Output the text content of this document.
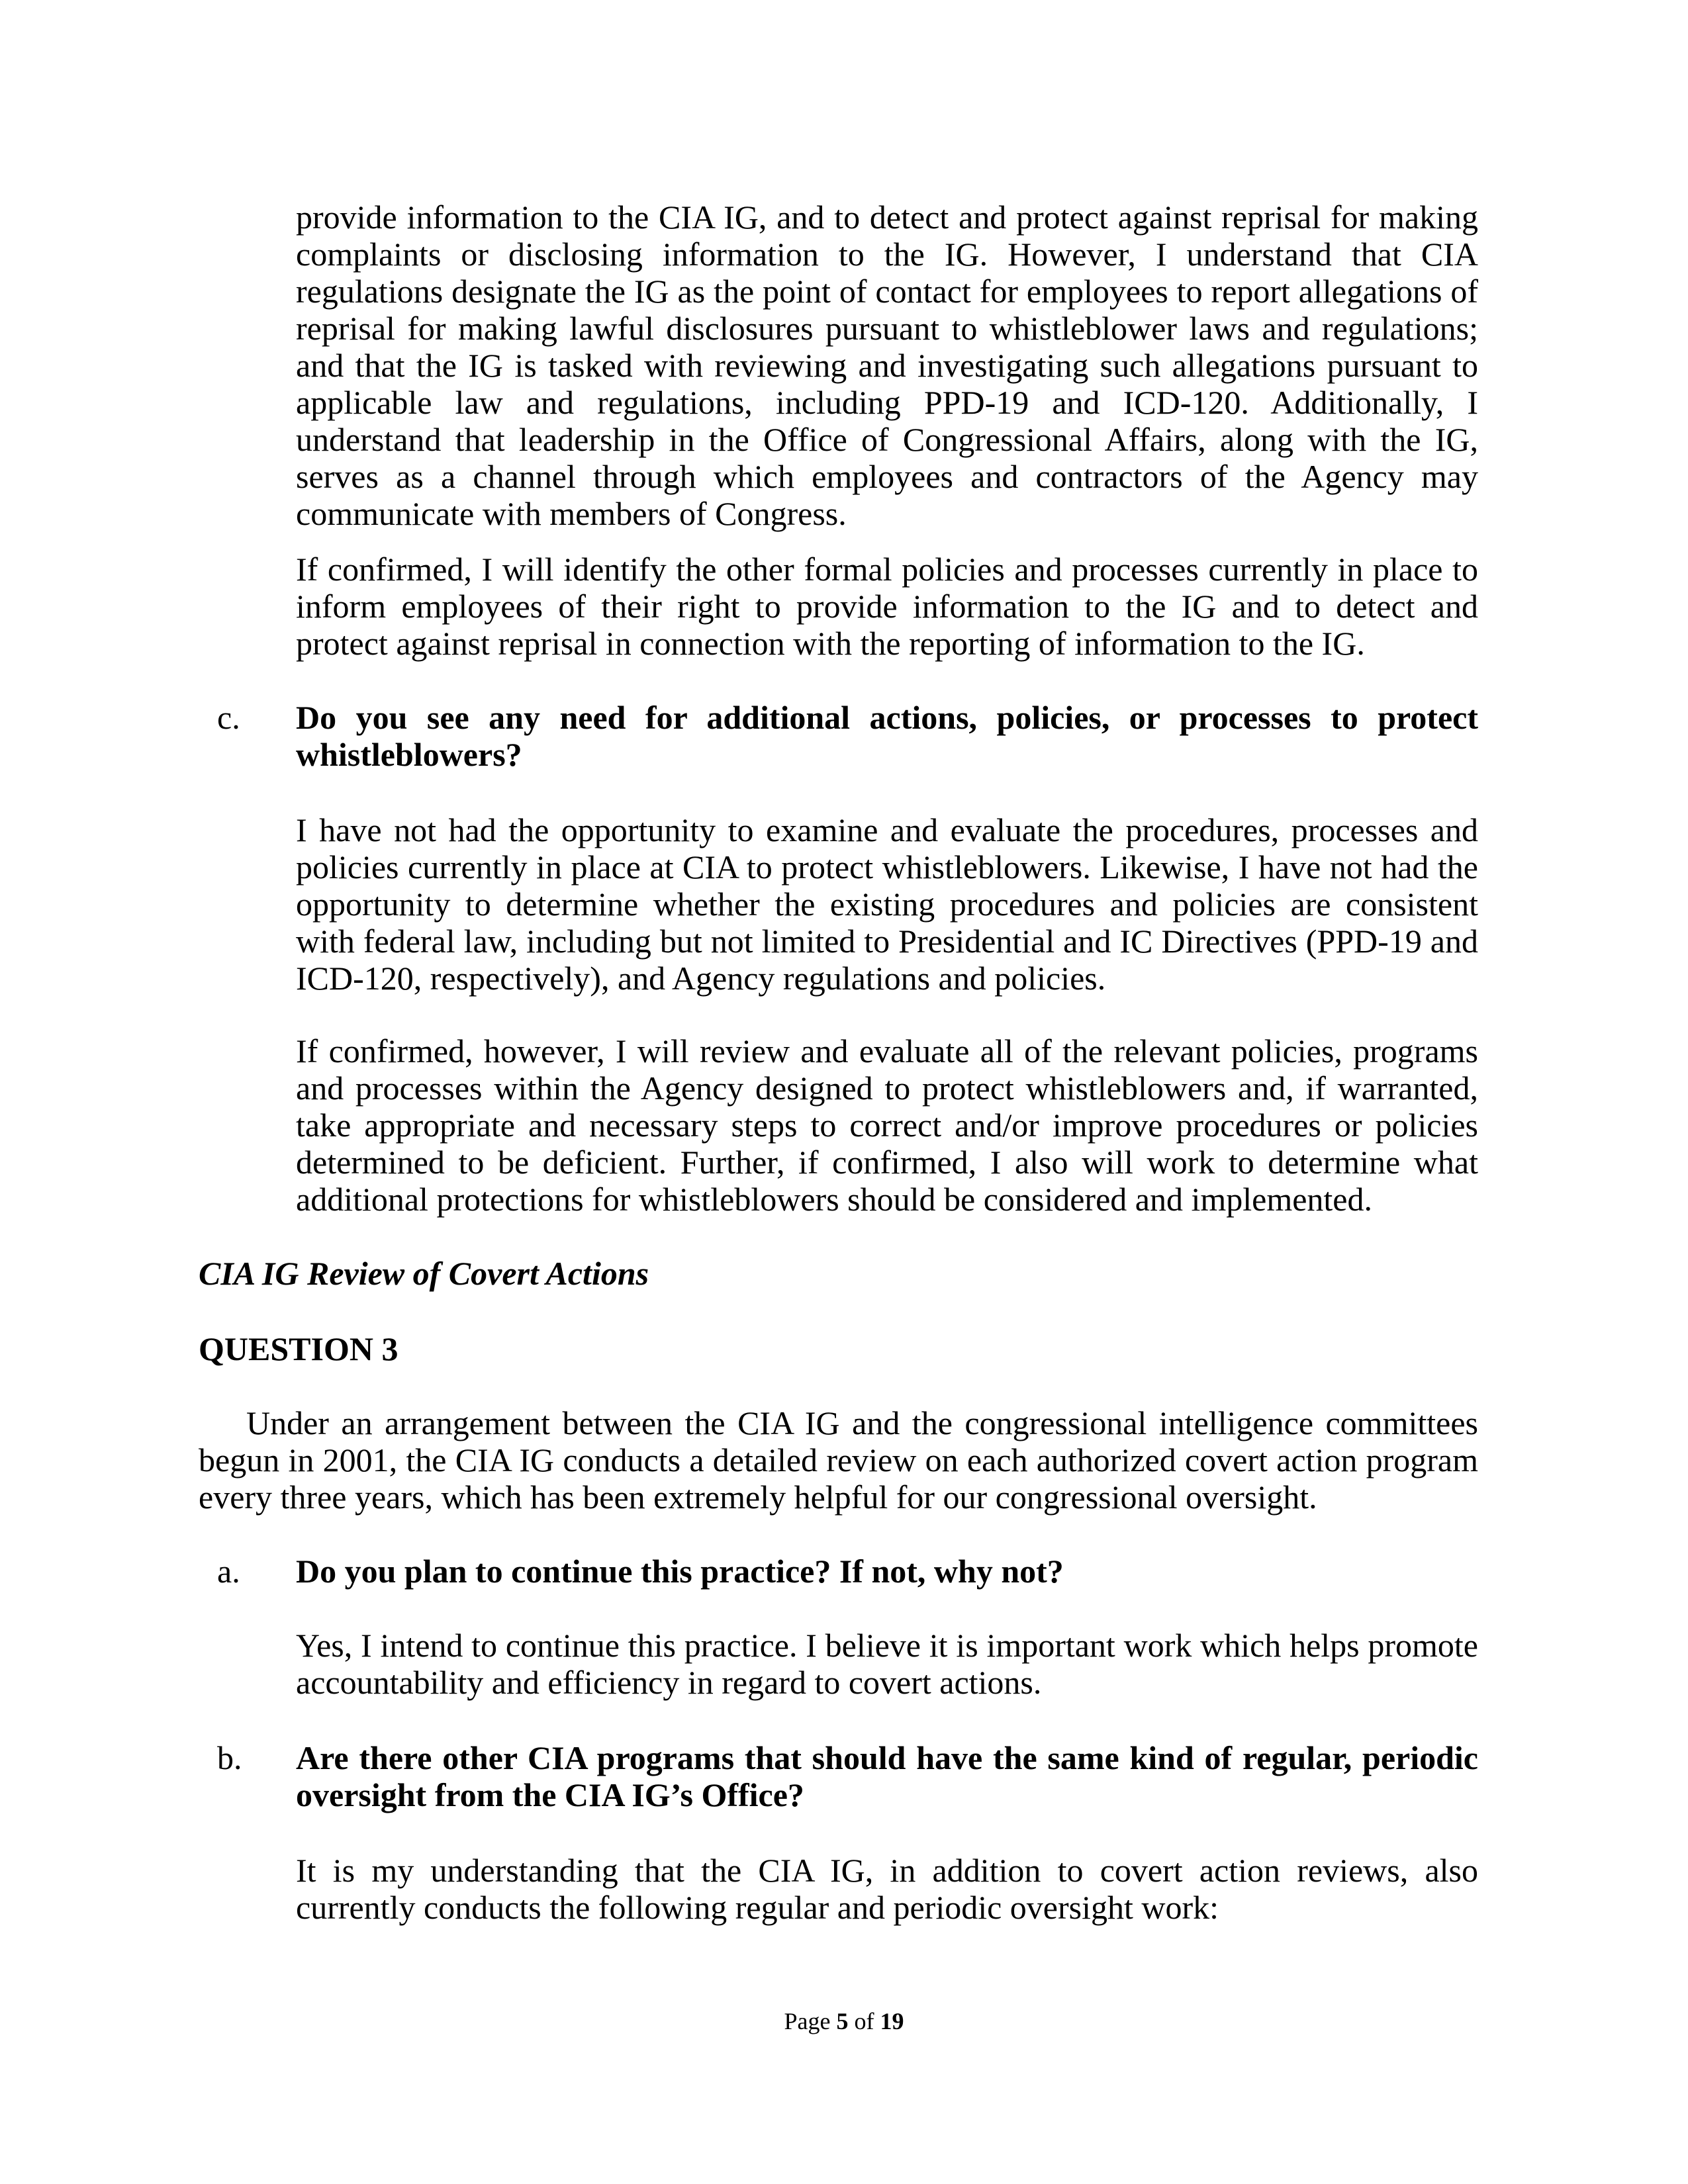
provide information to the CIA IG, and to detect and protect against reprisal for making complaints or disclosing information to the IG. However, I understand that CIA regulations designate the IG as the point of contact for employees to report allegations of reprisal for making lawful disclosures pursuant to whistleblower laws and regulations; and that the IG is tasked with reviewing and investigating such allegations pursuant to applicable law and regulations, including PPD-19 and ICD-120. Additionally, I understand that leadership in the Office of Congressional Affairs, along with the IG, serves as a channel through which employees and contractors of the Agency may communicate with members of Congress.

If confirmed, I will identify the other formal policies and processes currently in place to inform employees of their right to provide information to the IG and to detect and protect against reprisal in connection with the reporting of information to the IG.

c. Do you see any need for additional actions, policies, or processes to protect whistleblowers?

I have not had the opportunity to examine and evaluate the procedures, processes and policies currently in place at CIA to protect whistleblowers. Likewise, I have not had the opportunity to determine whether the existing procedures and policies are consistent with federal law, including but not limited to Presidential and IC Directives (PPD-19 and ICD-120, respectively), and Agency regulations and policies.

If confirmed, however, I will review and evaluate all of the relevant policies, programs and processes within the Agency designed to protect whistleblowers and, if warranted, take appropriate and necessary steps to correct and/or improve procedures or policies determined to be deficient. Further, if confirmed, I also will work to determine what additional protections for whistleblowers should be considered and implemented.

CIA IG Review of Covert Actions

QUESTION 3

Under an arrangement between the CIA IG and the congressional intelligence committees begun in 2001, the CIA IG conducts a detailed review on each authorized covert action program every three years, which has been extremely helpful for our congressional oversight.

a. Do you plan to continue this practice? If not, why not?

Yes, I intend to continue this practice. I believe it is important work which helps promote accountability and efficiency in regard to covert actions.

b. Are there other CIA programs that should have the same kind of regular, periodic oversight from the CIA IG’s Office?

It is my understanding that the CIA IG, in addition to covert action reviews, also currently conducts the following regular and periodic oversight work:

Page 5 of 19
